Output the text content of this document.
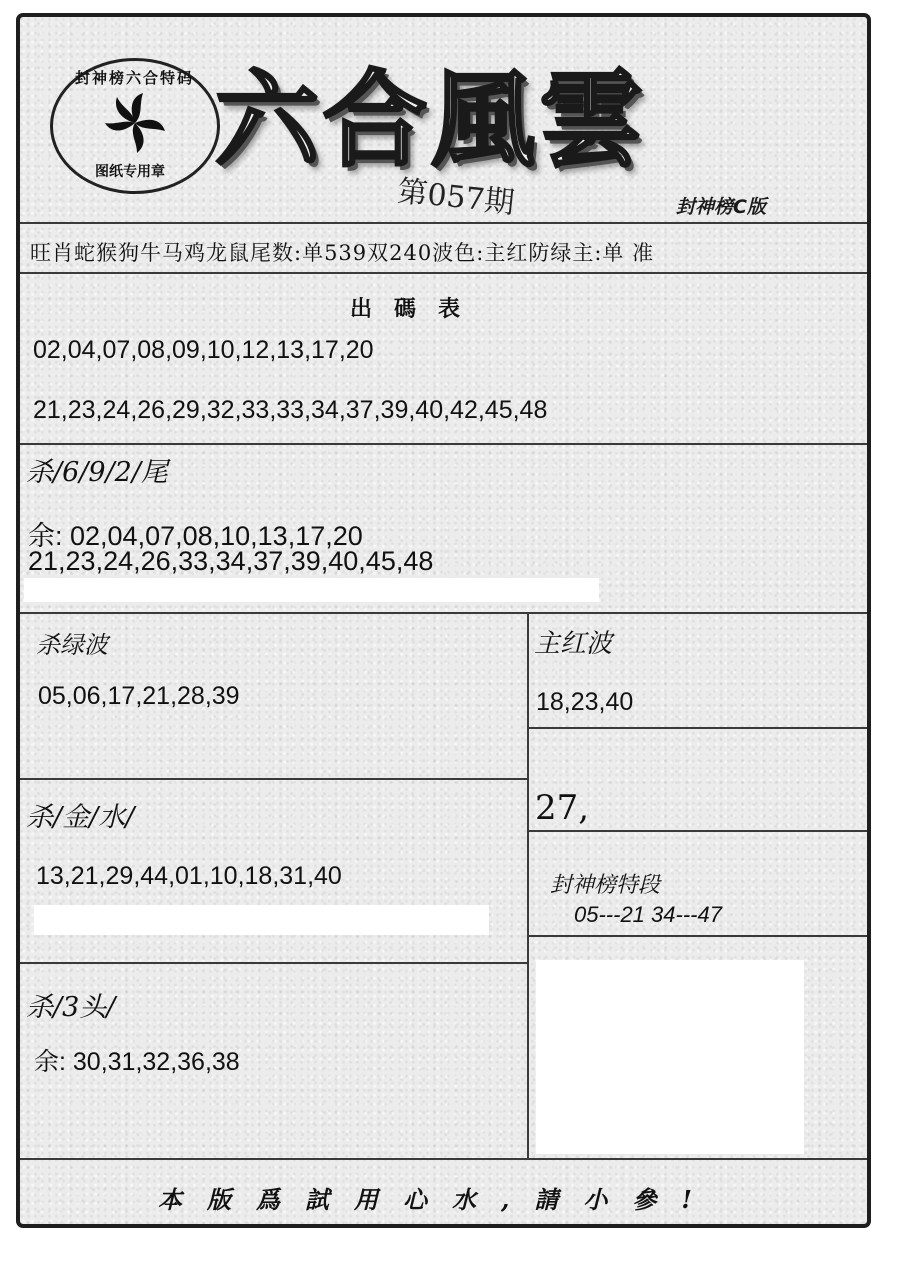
封神榜六合特码
图纸专用章 六合風雲
第057期	封神榜C版
旺肖蛇猴狗牛马鸡龙鼠尾数:单539双240波色:主红防绿主:单 准
出碼表
02,04,07,08,09,10,12,13,17,20
21,23,24,26,29,32,33,33,34,37,39,40,42,45,48
杀/6/9/2/尾
余: 02,04,07,08,10,13,17,20
21,23,24,26,33,34,37,39,40,45,48
杀绿波
05,06,17,21,28,39
主红波
18,23,40
27,
杀/金/水/
13,21,29,44,01,10,18,31,40	封神榜特段
05---21 34---47
杀/3头/
余: 30,31,32,36,38
本版爲試用心水,請小參!
